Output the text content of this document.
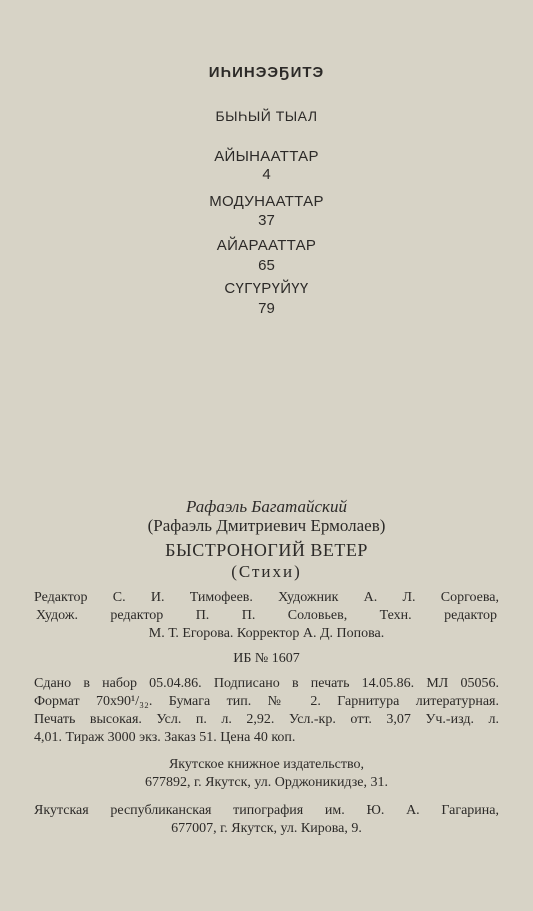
ИҺИНЭЭҔИТЭ
БЫҺЫЙ ТЫАЛ
АЙЫНААТТАР
4
МОДУНААТТАР
37
АЙАРААТТАР
65
СҮГҮРҮЙҮҮ
79
Рафаэль Багатайский
(Рафаэль Дмитриевич Ермолаев)
БЫСТРОНОГИЙ ВЕТЕР
(Стихи)
Редактор С. И. Тимофеев. Художник А. Л. Соргоева,
Худож. редактор П. П. Соловьев, Техн. редактор
М. Т. Егорова. Корректор А. Д. Попова.
ИБ № 1607
Сдано в набор 05.04.86. Подписано в печать 14.05.86. МЛ 05056.
Формат 70x90¹/₃₂. Бумага тип. № 2. Гарнитура литературная.
Печать высокая. Усл. п. л. 2,92. Усл.-кр. отт. 3,07 Уч.-изд. л.
4,01. Тираж 3000 экз. Заказ 51. Цена 40 коп.
Якутское книжное издательство,
677892, г. Якутск, ул. Орджоникидзе, 31.
Якутская республиканская типография им. Ю. А. Гагарина,
677007, г. Якутск, ул. Кирова, 9.
